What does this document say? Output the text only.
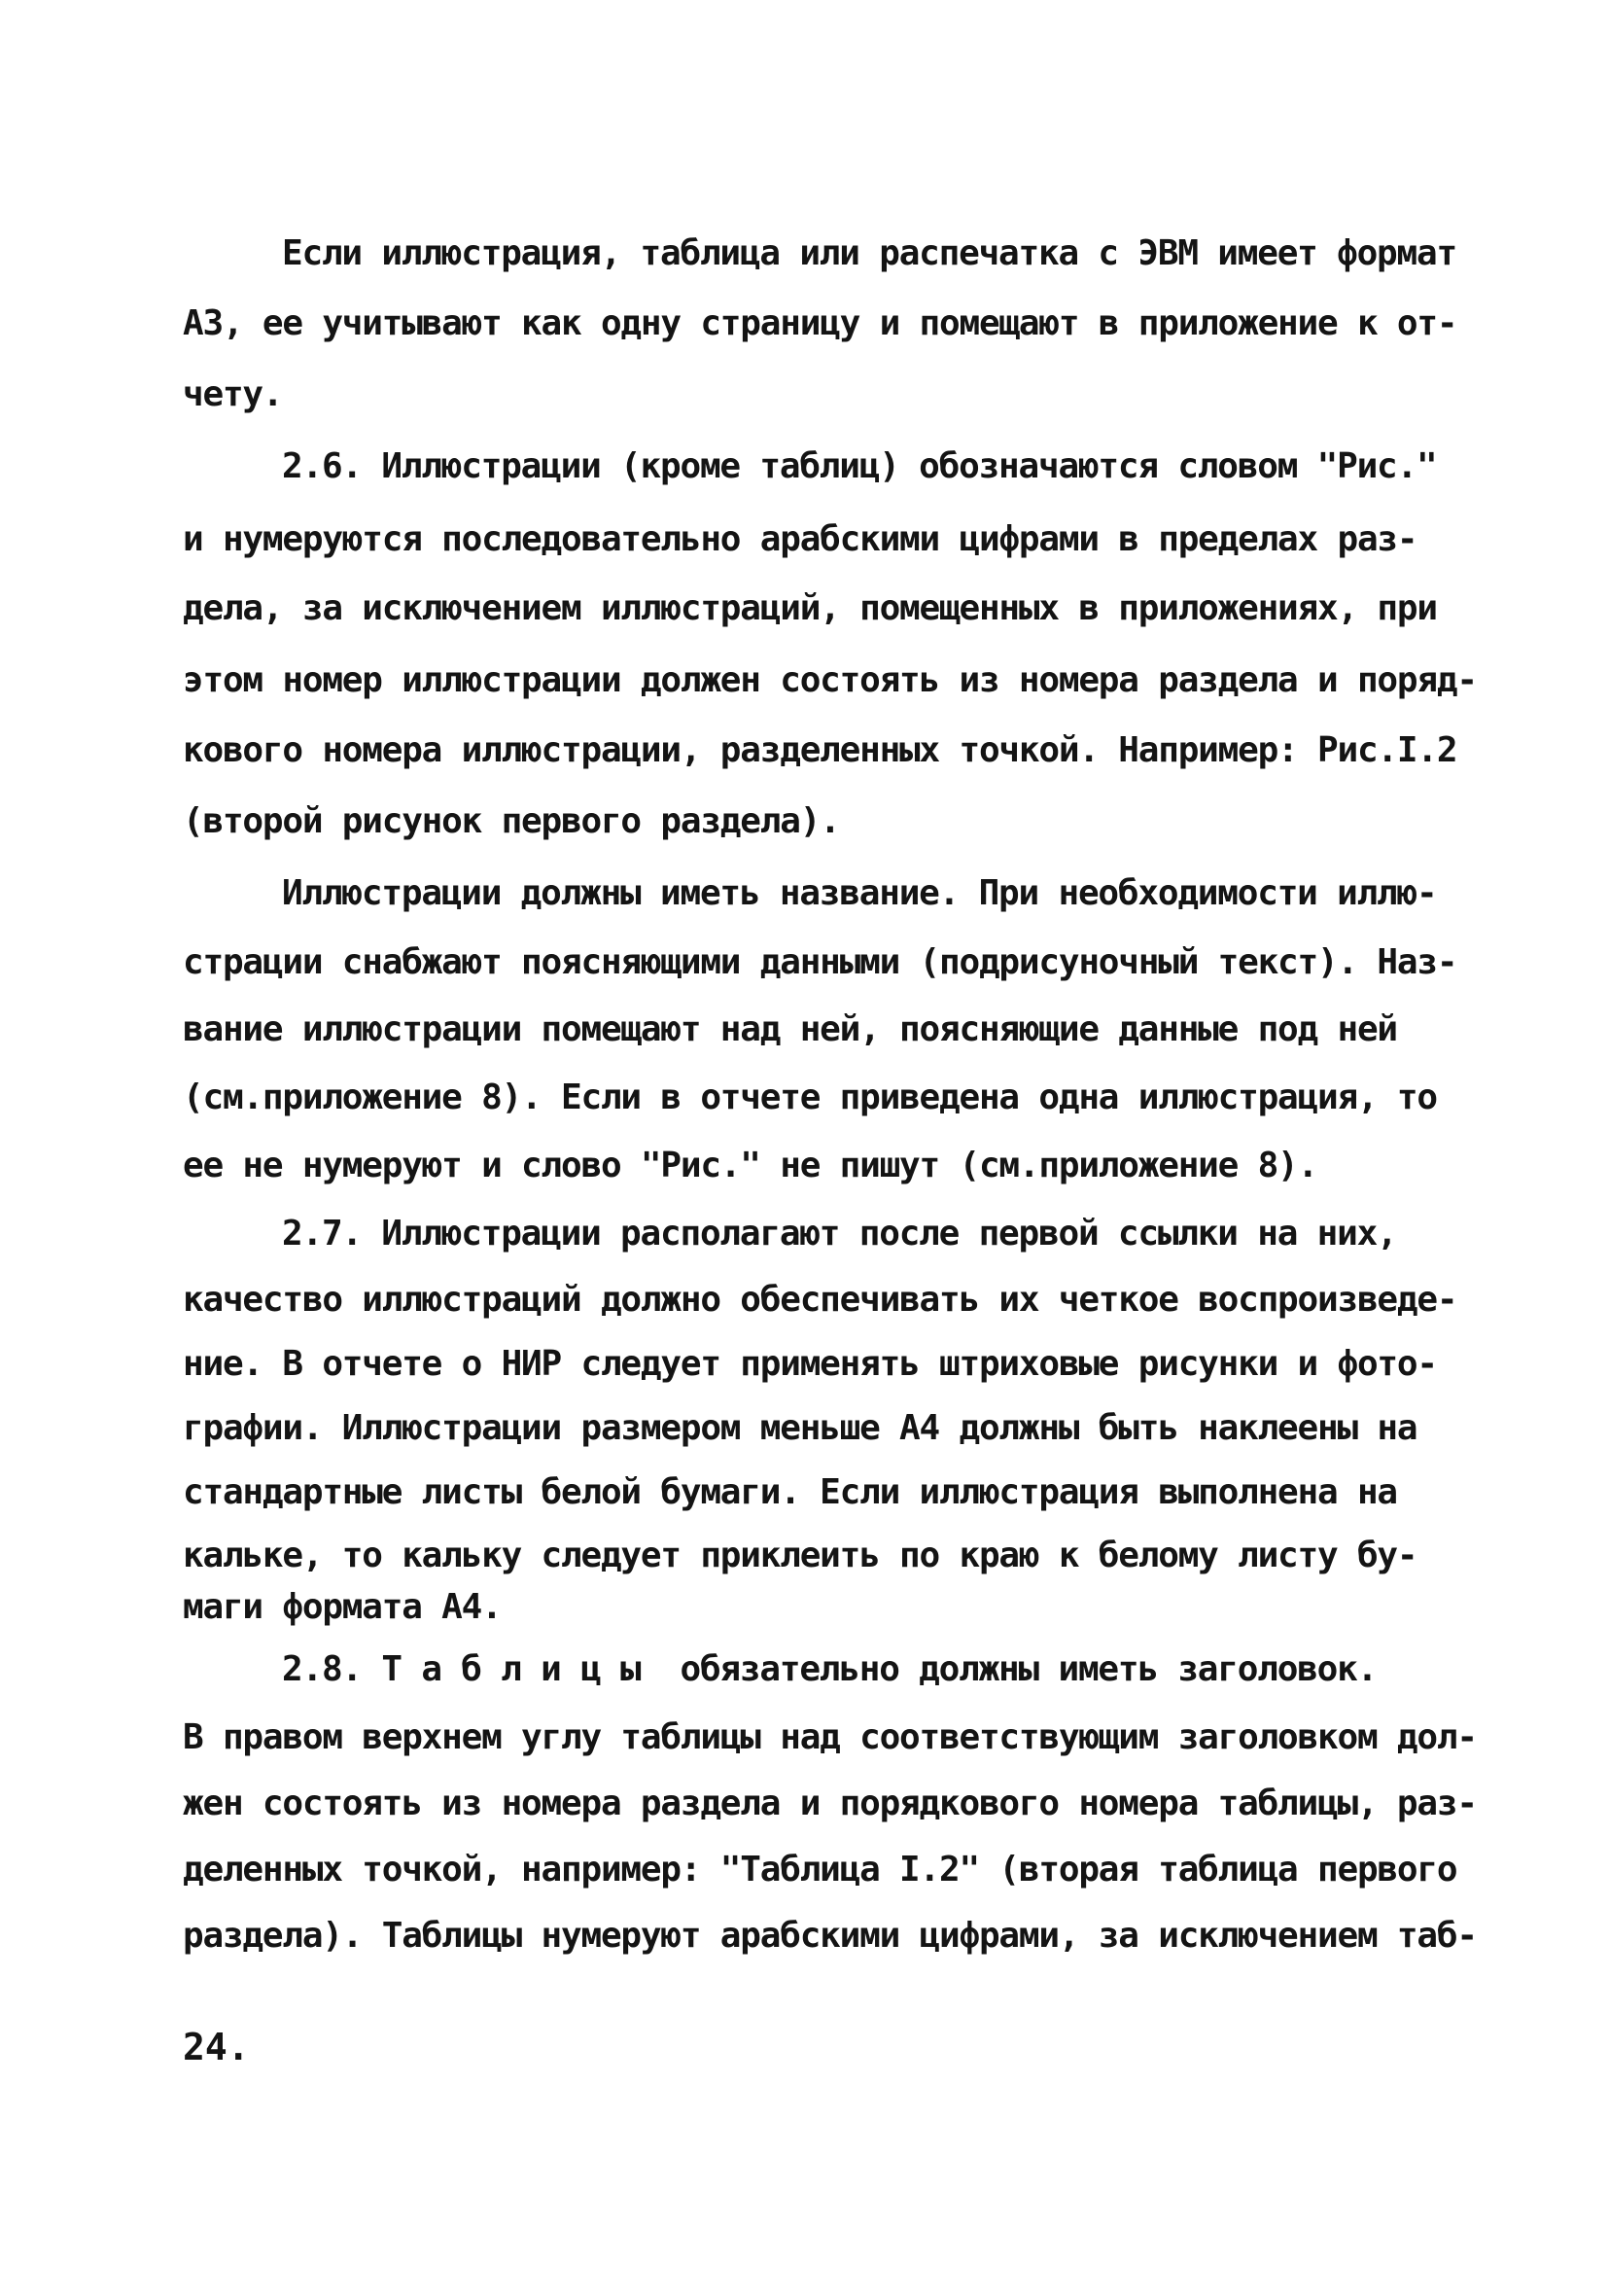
Если иллюстрация, таблица или распечатка с ЭВМ имеет формат
А3, ее учитывают как одну страницу и помещают в приложение к от-
чету.
2.6. Иллюстрации (кроме таблиц) обозначаются словом "Рис."
и нумеруются последовательно арабскими цифрами в пределах раз-
дела, за исключением иллюстраций, помещенных в приложениях, при
этом номер иллюстрации должен состоять из номера раздела и поряд-
кового номера иллюстрации, разделенных точкой. Например: Рис.I.2
(второй рисунок первого раздела).
Иллюстрации должны иметь название. При необходимости иллю-
страции снабжают поясняющими данными (подрисуночный текст). Наз-
вание иллюстрации помещают над ней, поясняющие данные под ней
(см.приложение 8). Если в отчете приведена одна иллюстрация, то
ее не нумеруют и слово "Рис." не пишут (см.приложение 8).
2.7. Иллюстрации располагают после первой ссылки на них,
качество иллюстраций должно обеспечивать их четкое воспроизведе-
ние. В отчете о НИР следует применять штриховые рисунки и фото-
графии. Иллюстрации размером меньше А4 должны быть наклеены на
стандартные листы белой бумаги. Если иллюстрация выполнена на
кальке, то кальку следует приклеить по краю к белому листу бу-
маги формата А4.
2.8. Т а б л и ц ы  обязательно должны иметь заголовок.
В правом верхнем углу таблицы над соответствующим заголовком дол-
жен состоять из номера раздела и порядкового номера таблицы, раз-
деленных точкой, например: "Таблица I.2" (вторая таблица первого
раздела). Таблицы нумеруют арабскими цифрами, за исключением таб-
24.
